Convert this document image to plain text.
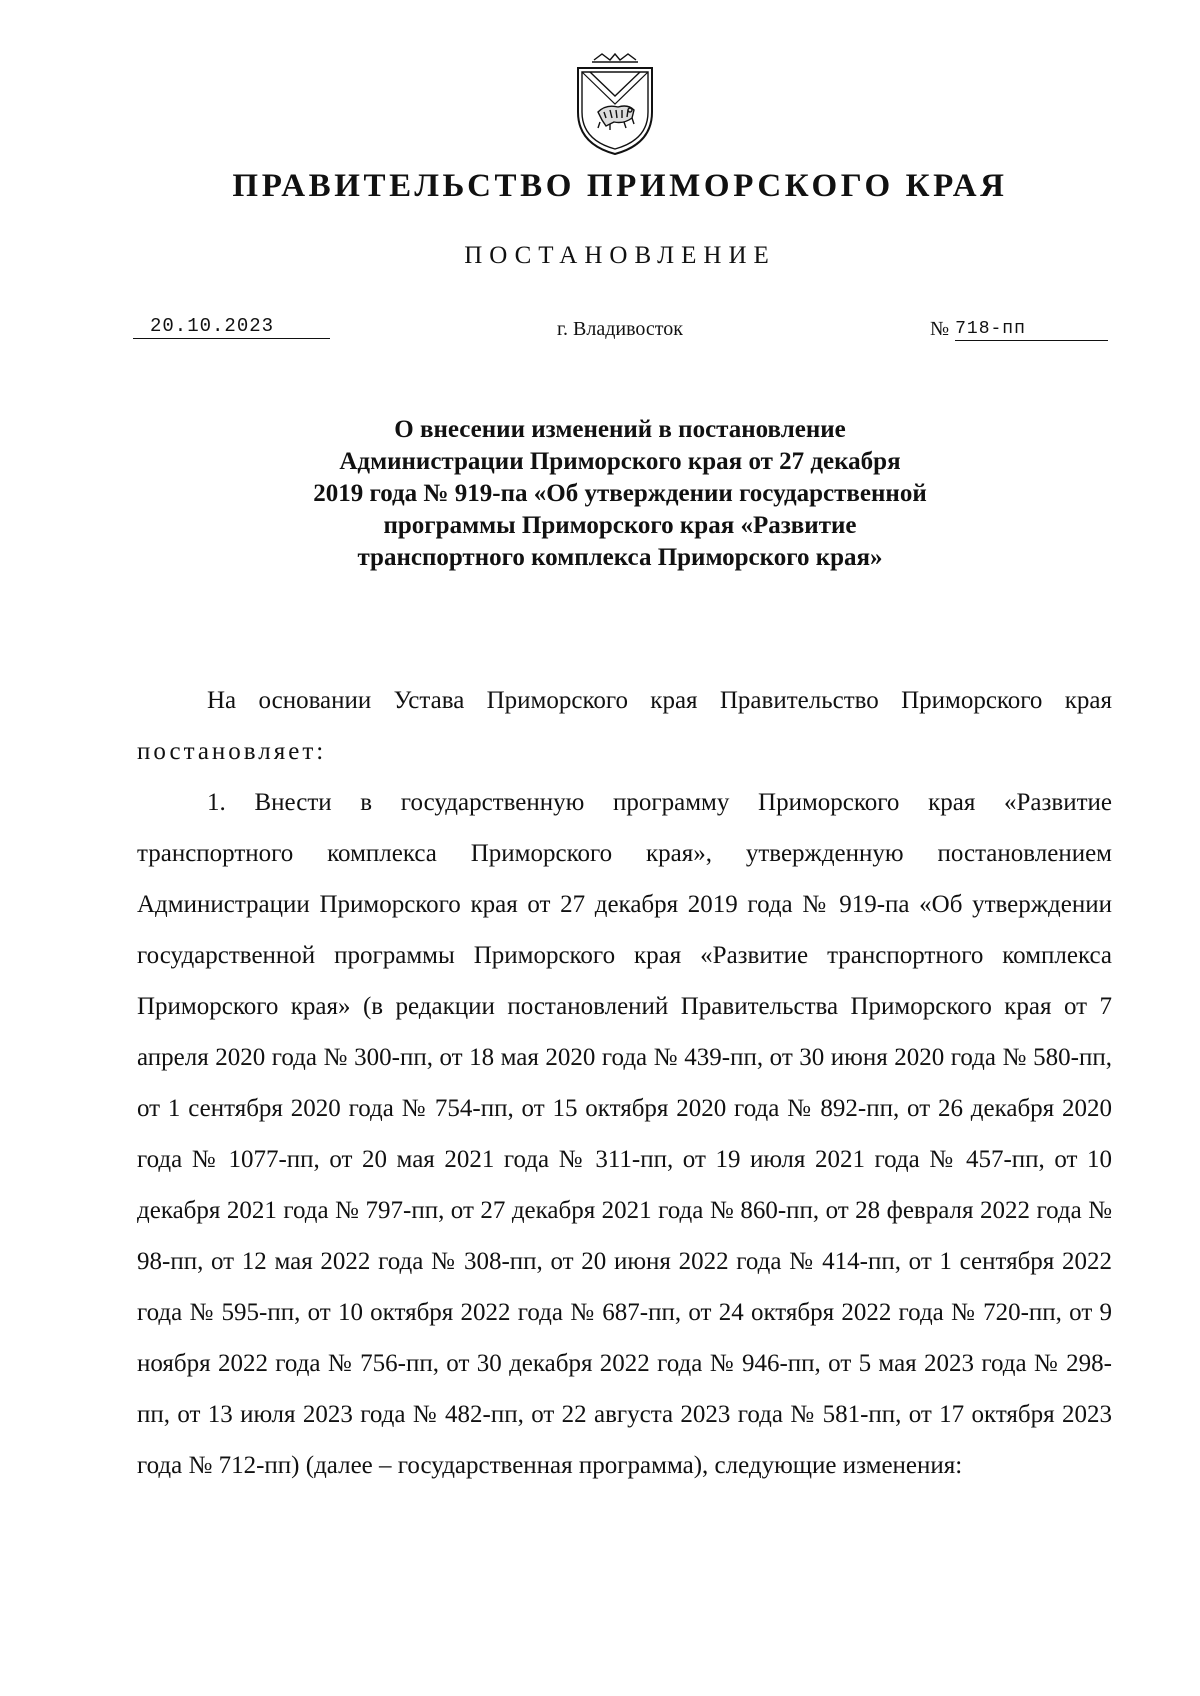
ПРАВИТЕЛЬСТВО ПРИМОРСКОГО КРАЯ
ПОСТАНОВЛЕНИЕ
20.10.2023	г. Владивосток	№ 718-пп
О внесении изменений в постановление
Администрации Приморского края от 27 декабря
2019 года № 919-па «Об утверждении государственной
программы Приморского края «Развитие
транспортного комплекса Приморского края»

На основании Устава Приморского края Правительство Приморского края постановляет:

1. Внести в государственную программу Приморского края «Развитие транспортного комплекса Приморского края», утвержденную постановлением Администрации Приморского края от 27 декабря 2019 года № 919-па «Об утверждении государственной программы Приморского края «Развитие транспортного комплекса Приморского края» (в редакции постановлений Правительства Приморского края от 7 апреля 2020 года № 300-пп, от 18 мая 2020 года № 439-пп, от 30 июня 2020 года № 580-пп, от 1 сентября 2020 года № 754-пп, от 15 октября 2020 года № 892-пп, от 26 декабря 2020 года № 1077-пп, от 20 мая 2021 года № 311-пп, от 19 июля 2021 года № 457-пп, от 10 декабря 2021 года № 797-пп, от 27 декабря 2021 года № 860-пп, от 28 февраля 2022 года № 98-пп, от 12 мая 2022 года № 308-пп, от 20 июня 2022 года № 414-пп, от 1 сентября 2022 года № 595-пп, от 10 октября 2022 года № 687-пп, от 24 октября 2022 года № 720-пп, от 9 ноября 2022 года № 756-пп, от 30 декабря 2022 года № 946-пп, от 5 мая 2023 года № 298-пп, от 13 июля 2023 года № 482-пп, от 22 августа 2023 года № 581-пп, от 17 октября 2023 года № 712-пп) (далее – государственная программа), следующие изменения:
